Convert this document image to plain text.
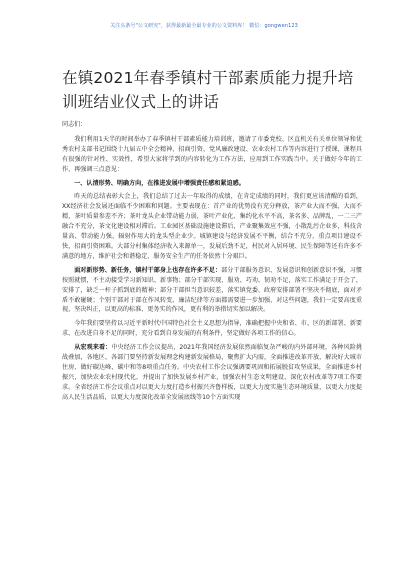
关注头条号"公文研究"，获得最新最全最专业的公文资料库！ 微信：gongwen123
在镇2021年春季镇村干部素质能力提升培训班结业仪式上的讲话

同志们：

我们利用1天半的时间举办了春季镇村干部素质能力培训班，邀请了市委党校、区直机关有关单位领导和优秀农村支部书记围绕十九届五中全会精神、招商引资、党风廉政建设、农业农村工作等内容进行了授课，课程具有很强的针对性、实效性，希望大家将学到的内容转化为工作方法，应用到工作实践当中。关于做好今年的工作，再强调三点意见：

一、认清形势、明确方向，在推进发展中增强责任感和紧迫感。

昨天的总结表彰大会上，我们总结了过去一年取得的成绩，在肯定成绩的同时，我们更应该清醒的看到，XX经济社会发展还面临不少困难和问题。主要表现在：首产业的优势没有充分释放，茶产业大而不强、大而不精，茶叶质量参差不齐；茶叶龙头企业带动能力弱，茶叶产业化、集约化水平不高，茶名多、品牌乱，一二三产融合不充分，茶文化建设相对滞后。工业园区基础设施建设滞后，产业聚集效应不强，小散乱污企业多，科技含量高、带动能力强、辐射作用大的龙头型企业少。城镇建设与经济发展不平衡，结合不充分，重点项目建设不快，招商引资困难。大部分村集体经济收入来源单一，发展后劲不足，村民对入居环境、民生保障等还有许多不满意的地方，维护社会和谐稳定、服务安全生产的任务依然十分艰巨。

面对新形势、新任务，镇村干部身上也存在许多不足：部分干部服务意识、发展意识和创新意识不强，习惯按照就惯，不主动接受学习新知识、新事物；部分干部实现、服劝、巧劝、韧劝不足，落实工作满足于开会了，安排了，缺乏一杆子抓到底的精神；部分干部担当意识较差，落实镇党委、政府安排部署不坚决不彻底，面对矛盾不敢碰硬；个别干部对于部在作风转变、廉洁纪律等方面都需要进一步加强，对这些问题，我们一定要高度重视，坚决纠正，以更高的标准、更务实的作风，更有利的举措切实加以解决。

今年我们要坚持以习近平新时代中国特色社会主义思想为指导，准确把握中央和省、市、区的新部署、新要求，在改进自身不足的同时，充分看到自身发展的有利条件，坚定做好各项工作的信心。

从宏观来看：中央经济工作会议提出，2021年我国经济发展依然面临复杂严峻的内外部环境，各种风险挑战叠加，各地区、各部门要坚持新发展理念构建新发展格局，聚焦扩大内需，全面推进改革开放，解决好大城市住房、做好碳达峰、碳中和等8项重点任务。中央农村工作会议强调要巩固和拓展脱贫攻坚成果，全面推进乡村振兴，加快农业农村现代化，并提出了加快发展乡村产业，加强农村生态文明建设、深化农村改革等7项工作要求。全省经济工作会议重点对以更大力度打造乡村振兴齐鲁样板，以更大力度实施生态环境质量，以更大力度提高人民生活品质，以更大力度深化改革全发展底线等10个方面实现
